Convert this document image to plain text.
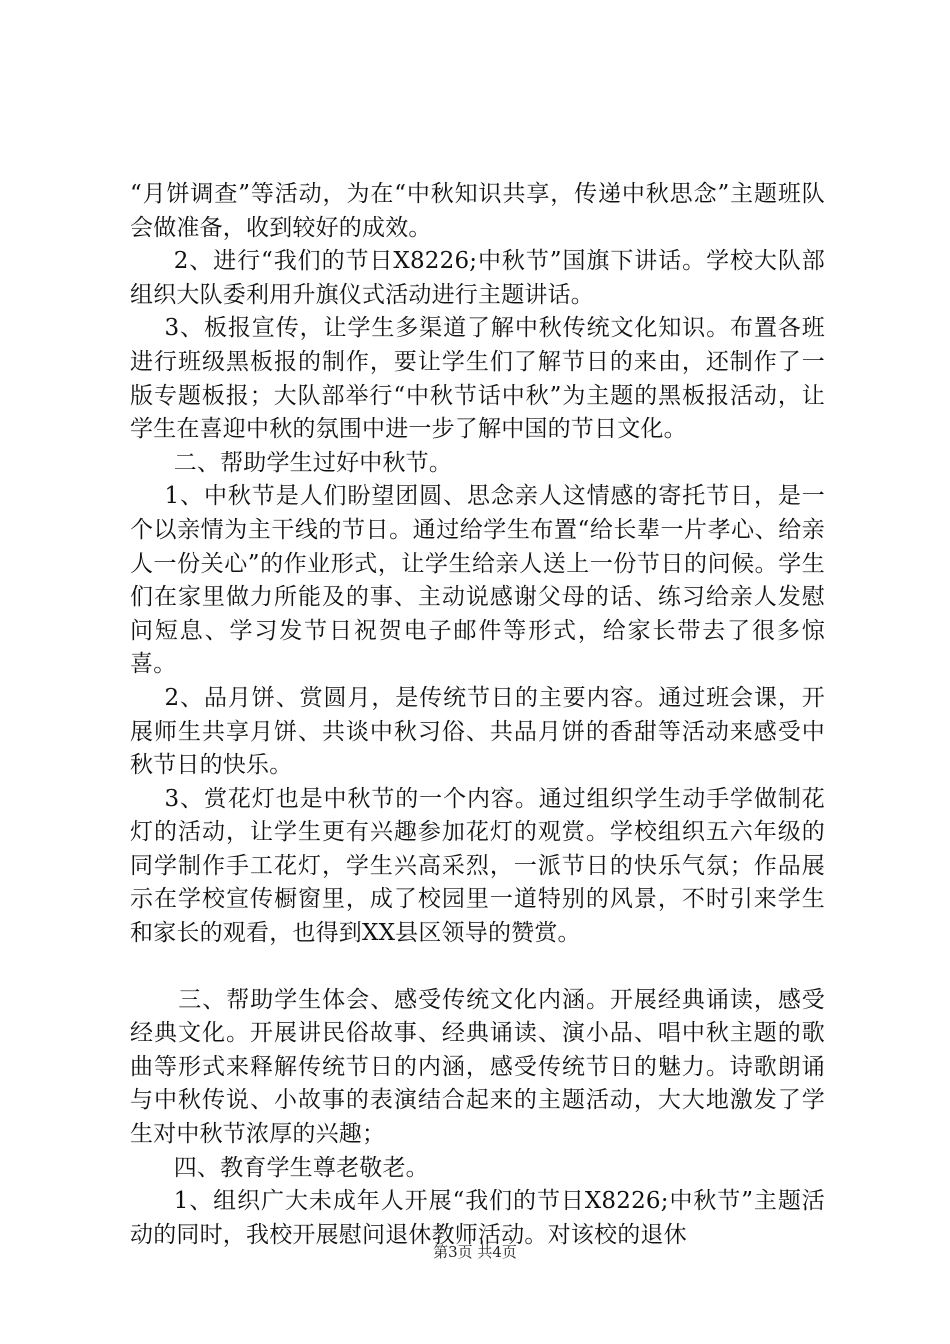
“月饼调查”等活动，为在“中秋知识共享，传递中秋思念”主题班队会做准备，收到较好的成效。

2、进行“我们的节日X8226;中秋节”国旗下讲话。学校大队部组织大队委利用升旗仪式活动进行主题讲话。

3、板报宣传，让学生多渠道了解中秋传统文化知识。布置各班进行班级黑板报的制作，要让学生们了解节日的来由，还制作了一版专题板报；大队部举行“中秋节话中秋”为主题的黑板报活动，让学生在喜迎中秋的氛围中进一步了解中国的节日文化。

二、帮助学生过好中秋节。

1、中秋节是人们盼望团圆、思念亲人这情感的寄托节日，是一个以亲情为主干线的节日。通过给学生布置“给长辈一片孝心、给亲人一份关心”的作业形式，让学生给亲人送上一份节日的问候。学生们在家里做力所能及的事、主动说感谢父母的话、练习给亲人发慰问短息、学习发节日祝贺电子邮件等形式，给家长带去了很多惊喜。

2、品月饼、赏圆月，是传统节日的主要内容。通过班会课，开展师生共享月饼、共谈中秋习俗、共品月饼的香甜等活动来感受中秋节日的快乐。

3、赏花灯也是中秋节的一个内容。通过组织学生动手学做制花灯的活动，让学生更有兴趣参加花灯的观赏。学校组织五六年级的同学制作手工花灯，学生兴高采烈，一派节日的快乐气氛；作品展示在学校宣传橱窗里，成了校园里一道特别的风景，不时引来学生和家长的观看，也得到XX县区领导的赞赏。

三、帮助学生体会、感受传统文化内涵。开展经典诵读，感受经典文化。开展讲民俗故事、经典诵读、演小品、唱中秋主题的歌曲等形式来释解传统节日的内涵，感受传统节日的魅力。诗歌朗诵与中秋传说、小故事的表演结合起来的主题活动，大大地激发了学生对中秋节浓厚的兴趣；

四、教育学生尊老敬老。

1、组织广大未成年人开展“我们的节日X8226;中秋节”主题活动的同时，我校开展慰问退休教师活动。对该校的退休

第3页 共4页
